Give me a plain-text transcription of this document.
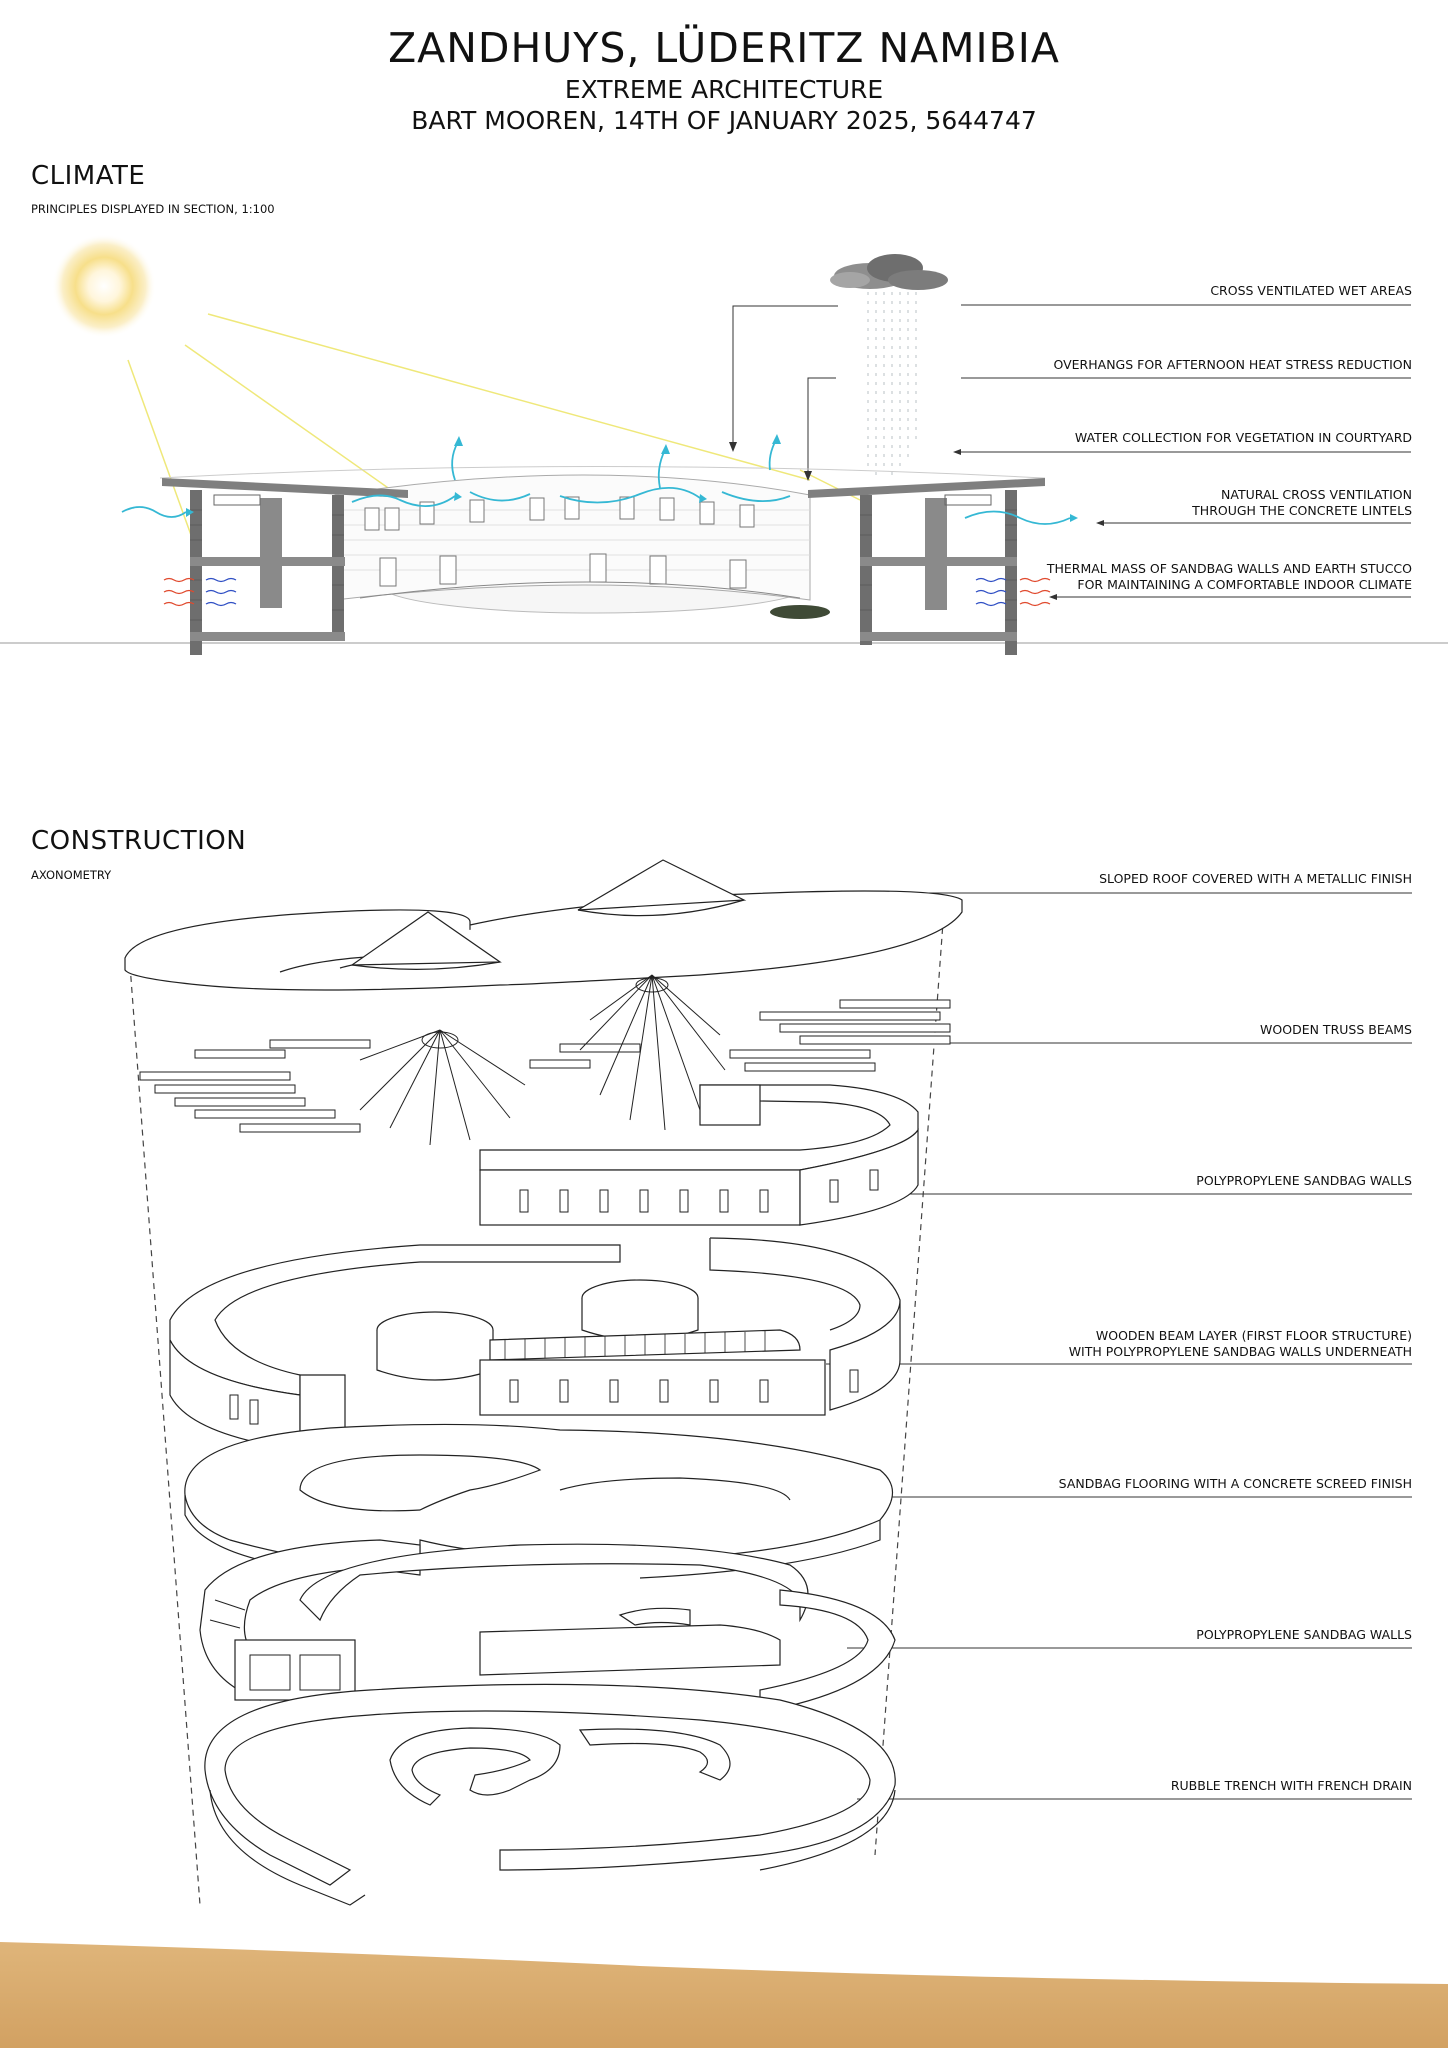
ZANDHUYS, LÜDERITZ NAMIBIA
EXTREME ARCHITECTURE
BART MOOREN, 14TH OF JANUARY 2025, 5644747
CLIMATE
PRINCIPLES DISPLAYED IN SECTION, 1:100
CONSTRUCTION
AXONOMETRY
CROSS VENTILATED WET AREAS
OVERHANGS FOR AFTERNOON HEAT STRESS REDUCTION
WATER COLLECTION FOR VEGETATION IN COURTYARD
NATURAL CROSS VENTILATION
THROUGH THE CONCRETE LINTELS
THERMAL MASS OF SANDBAG WALLS AND EARTH STUCCO
FOR MAINTAINING A COMFORTABLE INDOOR CLIMATE
SLOPED ROOF COVERED WITH A METALLIC FINISH
WOODEN TRUSS BEAMS
POLYPROPYLENE SANDBAG WALLS
WOODEN BEAM LAYER (FIRST FLOOR STRUCTURE)
WITH POLYPROPYLENE SANDBAG WALLS UNDERNEATH
SANDBAG FLOORING WITH A CONCRETE SCREED FINISH
POLYPROPYLENE SANDBAG WALLS
RUBBLE TRENCH WITH FRENCH DRAIN
